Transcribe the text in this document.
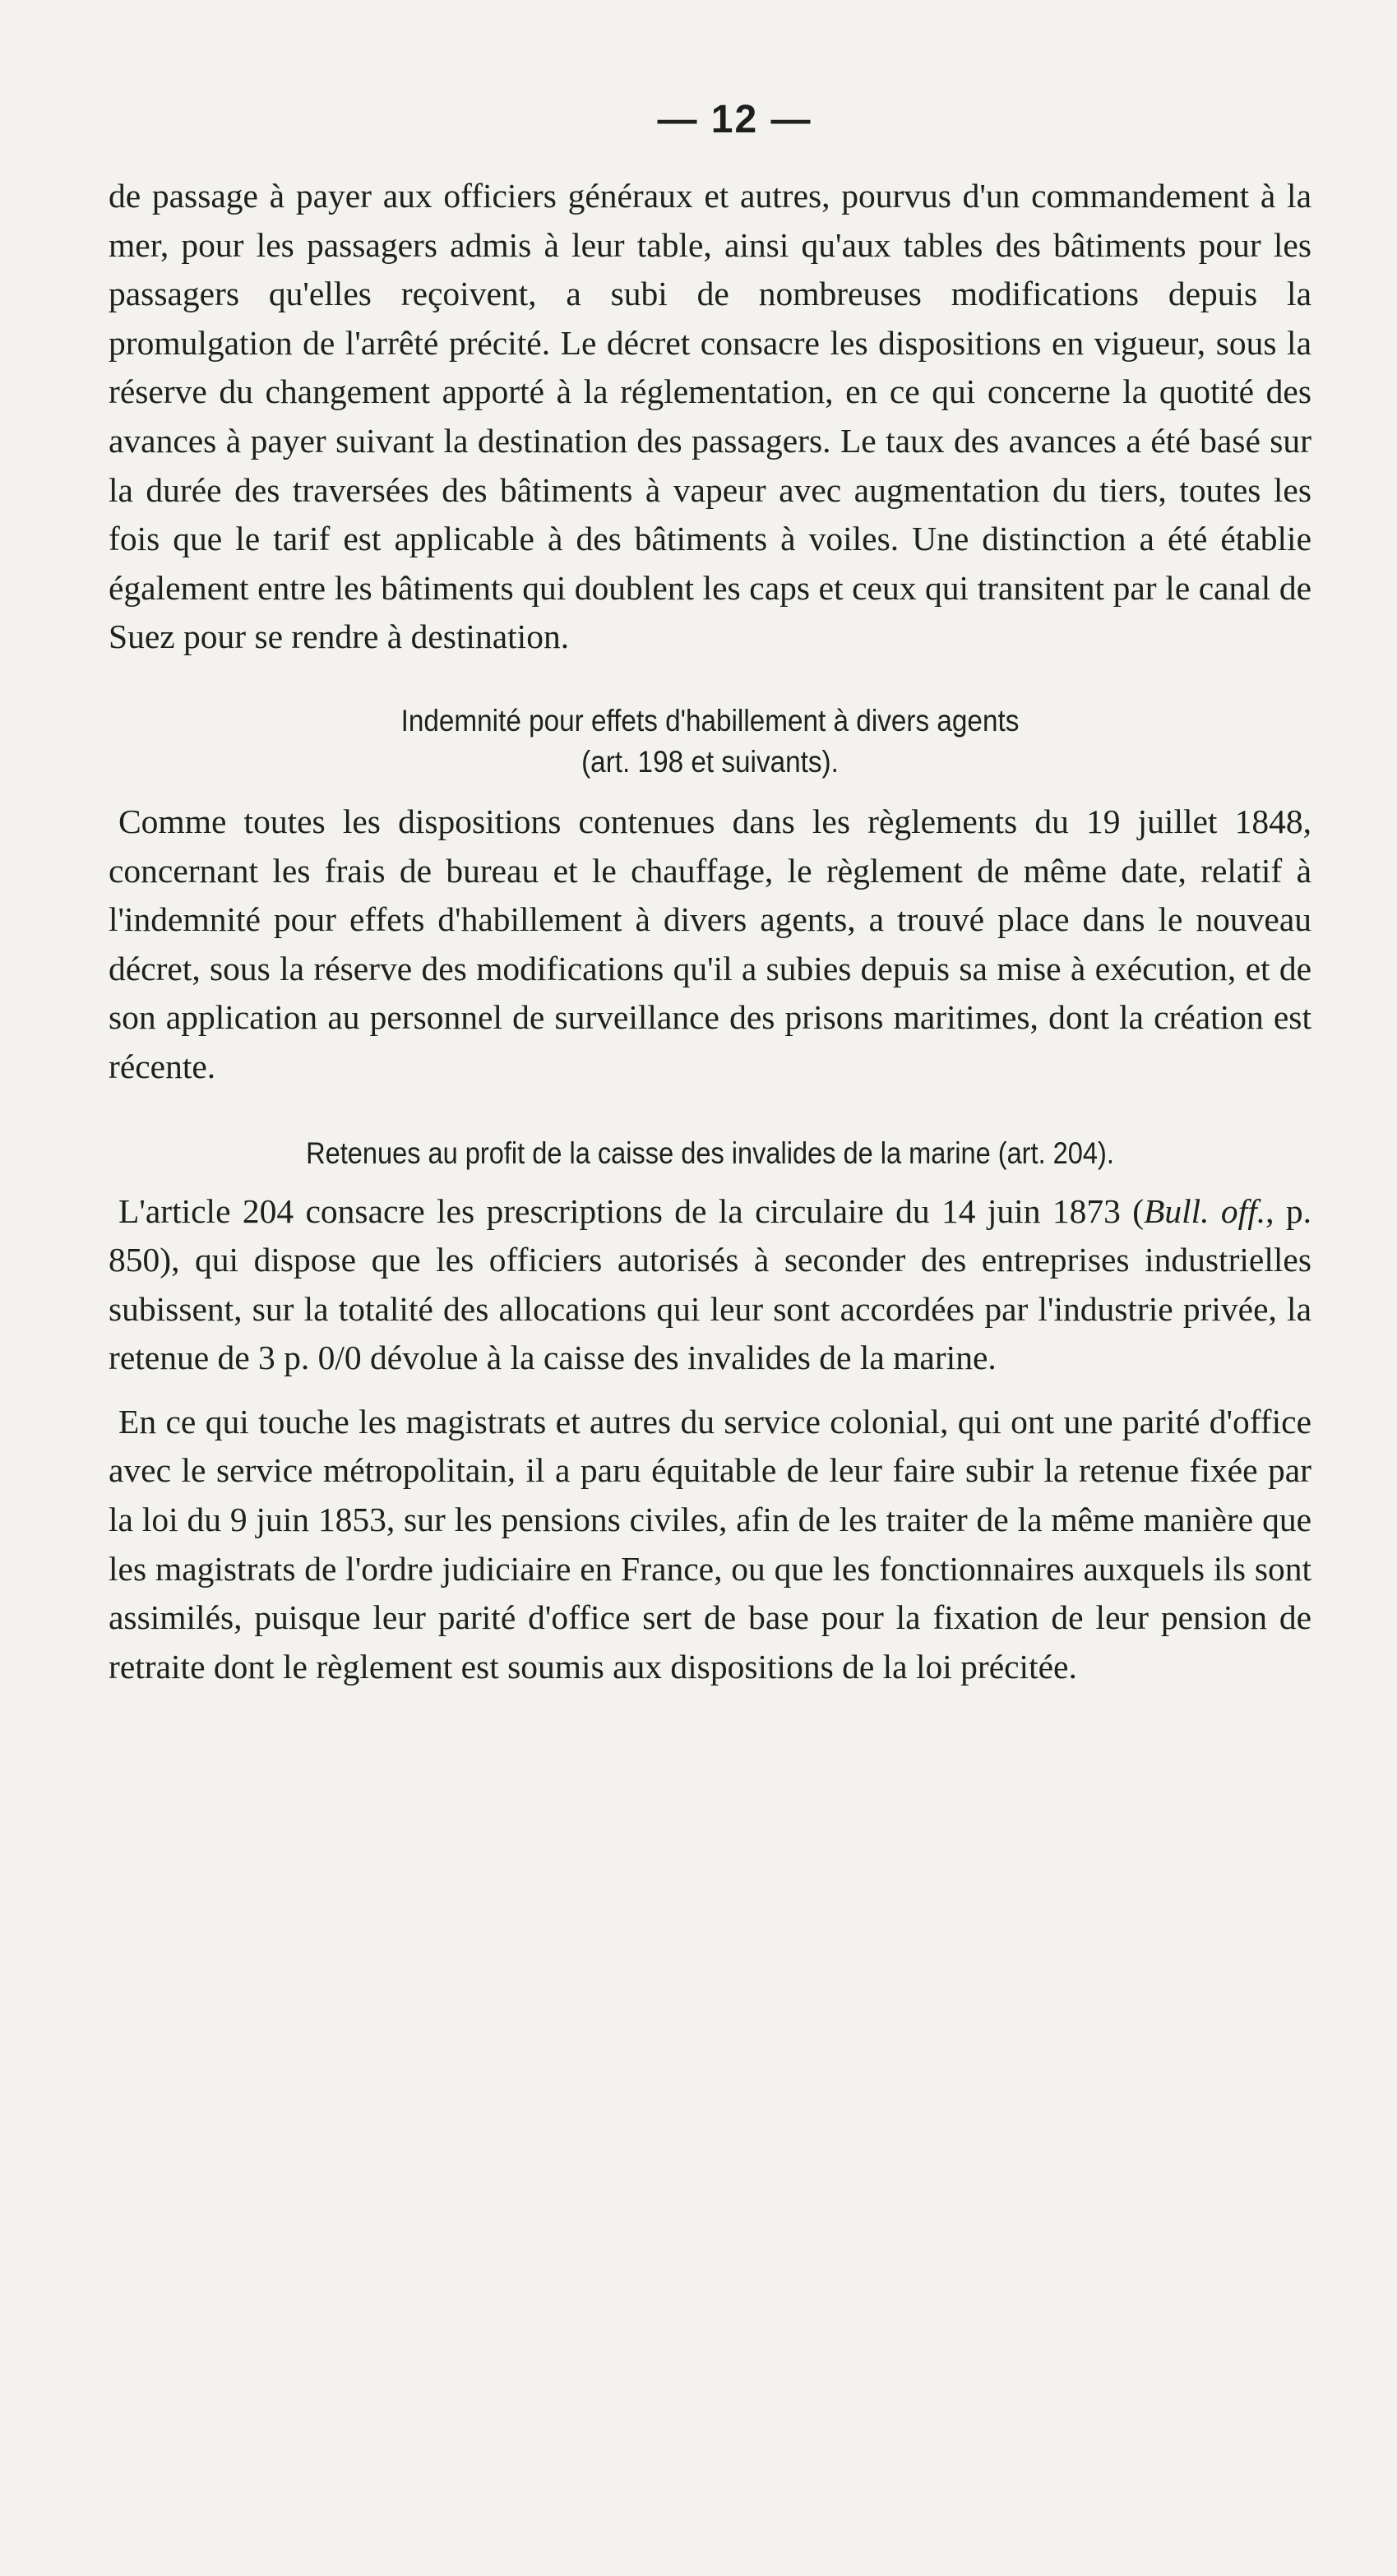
— 12 —

de passage à payer aux officiers généraux et autres, pourvus d'un commandement à la mer, pour les passagers admis à leur table, ainsi qu'aux tables des bâtiments pour les passagers qu'elles reçoivent, a subi de nombreuses modifications depuis la promulgation de l'arrêté précité. Le décret consacre les dispositions en vigueur, sous la réserve du changement apporté à la réglementation, en ce qui concerne la quotité des avances à payer suivant la destination des passagers. Le taux des avances a été basé sur la durée des traversées des bâtiments à vapeur avec augmentation du tiers, toutes les fois que le tarif est applicable à des bâtiments à voiles. Une distinction a été établie également entre les bâtiments qui doublent les caps et ceux qui transitent par le canal de Suez pour se rendre à destination.

Indemnité pour effets d'habillement à divers agents
(art. 198 et suivants).

Comme toutes les dispositions contenues dans les règlements du 19 juillet 1848, concernant les frais de bureau et le chauffage, le règlement de même date, relatif à l'indemnité pour effets d'habillement à divers agents, a trouvé place dans le nouveau décret, sous la réserve des modifications qu'il a subies depuis sa mise à exécution, et de son application au personnel de surveillance des prisons maritimes, dont la création est récente.

Retenues au profit de la caisse des invalides de la marine (art. 204).

L'article 204 consacre les prescriptions de la circulaire du 14 juin 1873 (Bull. off., p. 850), qui dispose que les officiers autorisés à seconder des entreprises industrielles subissent, sur la totalité des allocations qui leur sont accordées par l'industrie privée, la retenue de 3 p. 0/0 dévolue à la caisse des invalides de la marine.

En ce qui touche les magistrats et autres du service colonial, qui ont une parité d'office avec le service métropolitain, il a paru équitable de leur faire subir la retenue fixée par la loi du 9 juin 1853, sur les pensions civiles, afin de les traiter de la même manière que les magistrats de l'ordre judiciaire en France, ou que les fonctionnaires auxquels ils sont assimilés, puisque leur parité d'office sert de base pour la fixation de leur pension de retraite dont le règlement est soumis aux dispositions de la loi précitée.
